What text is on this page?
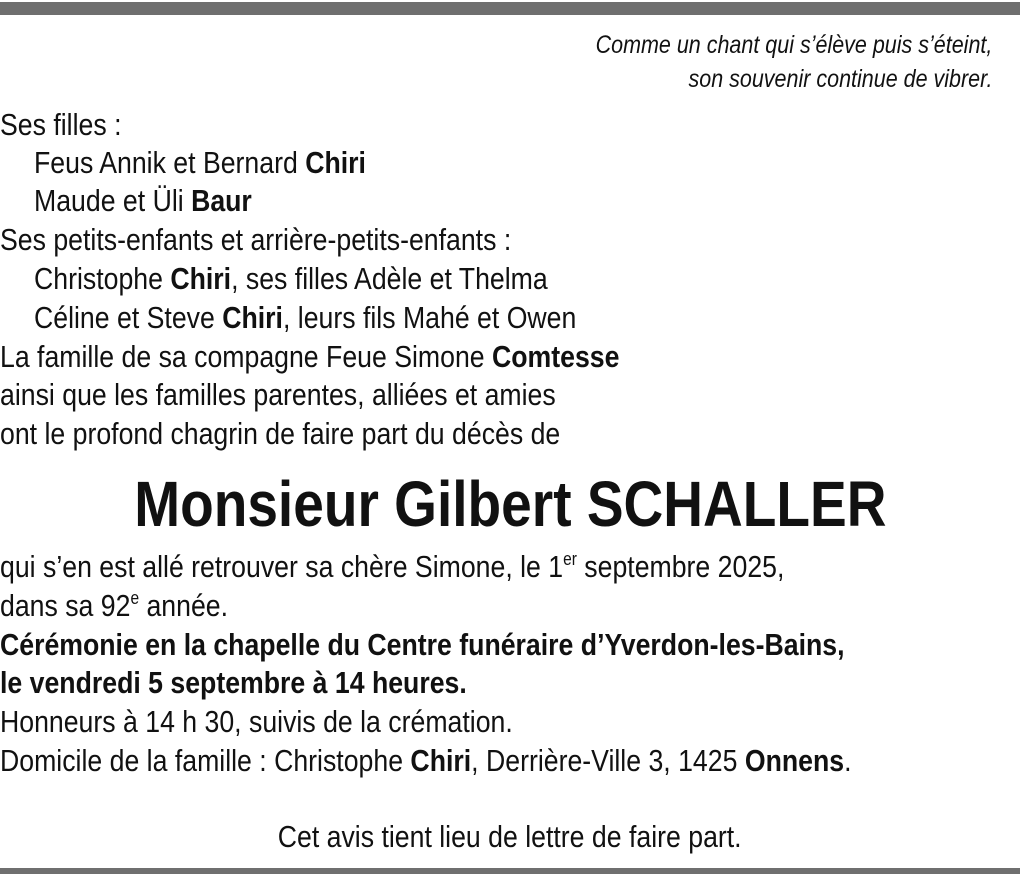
Comme un chant qui s’élève puis s’éteint,
son souvenir continue de vibrer.
Ses filles :
Feus Annik et Bernard Chiri
Maude et Üli Baur
Ses petits-enfants et arrière-petits-enfants :
Christophe Chiri, ses filles Adèle et Thelma
Céline et Steve Chiri, leurs fils Mahé et Owen
La famille de sa compagne Feue Simone Comtesse
ainsi que les familles parentes, alliées et amies
ont le profond chagrin de faire part du décès de
Monsieur Gilbert SCHALLER
qui s’en est allé retrouver sa chère Simone, le 1er septembre 2025,
dans sa 92e année.
Cérémonie en la chapelle du Centre funéraire d’Yverdon-les-Bains,
le vendredi 5 septembre à 14 heures.
Honneurs à 14 h 30, suivis de la crémation.
Domicile de la famille : Christophe Chiri, Derrière-Ville 3, 1425 Onnens.
Cet avis tient lieu de lettre de faire part.
